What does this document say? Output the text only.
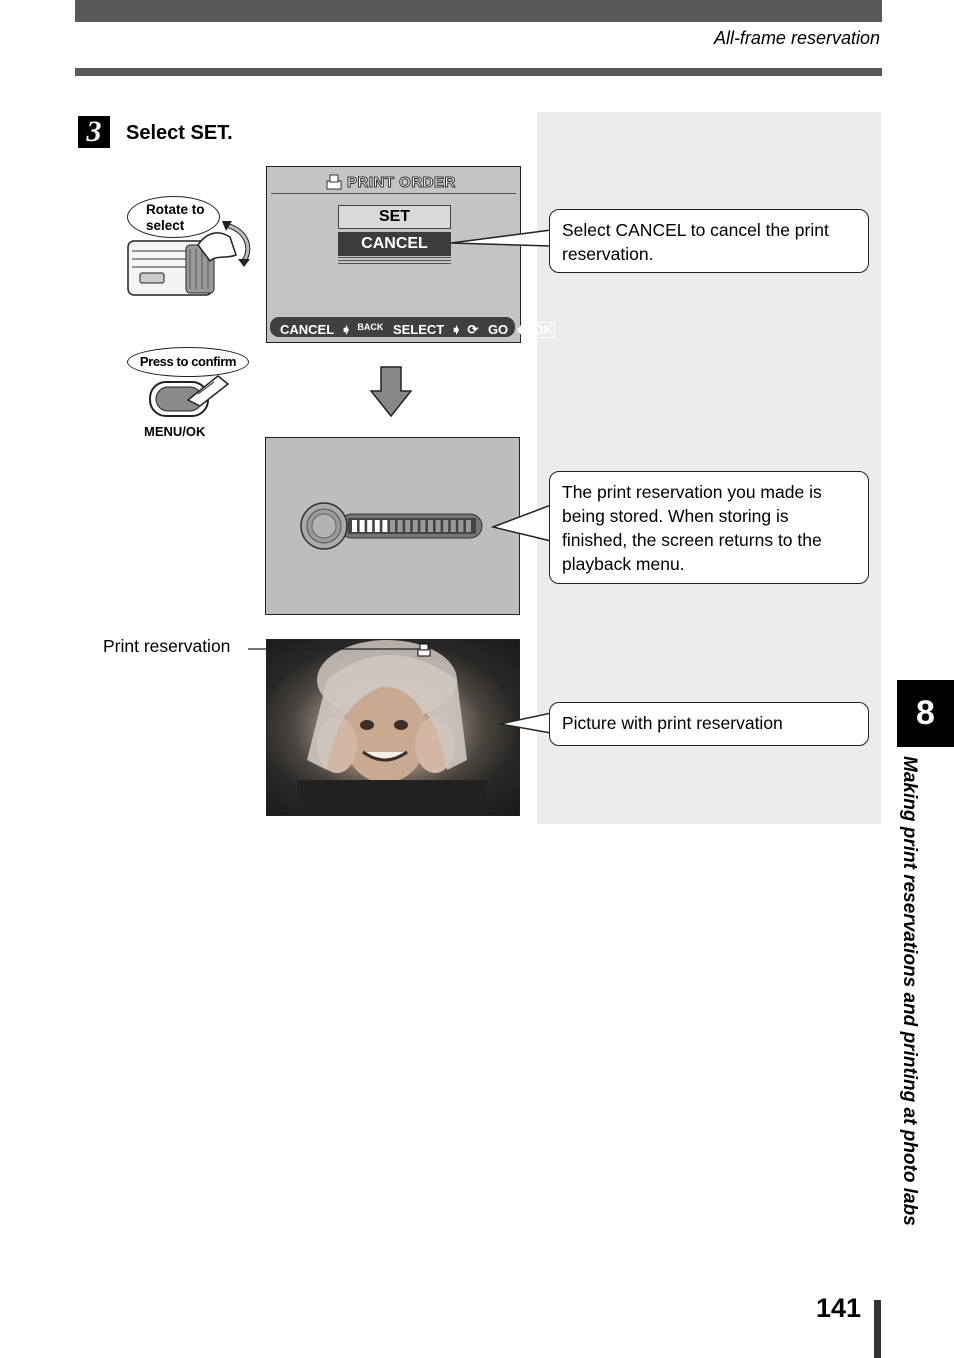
All-frame reservation
3	Select SET.
Rotate to select
Press to confirm
MENU/OK
PRINT ORDER
SET
CANCEL
CANCEL ➧ BACK SELECT ➧ ⟳ GO ➧ OK
Print reservation
Select CANCEL to cancel the print reservation.
The print reservation you made is being stored. When storing is finished, the screen returns to the playback menu.
Picture with print reservation	8
Making print reservations and printing at photo labs
141
